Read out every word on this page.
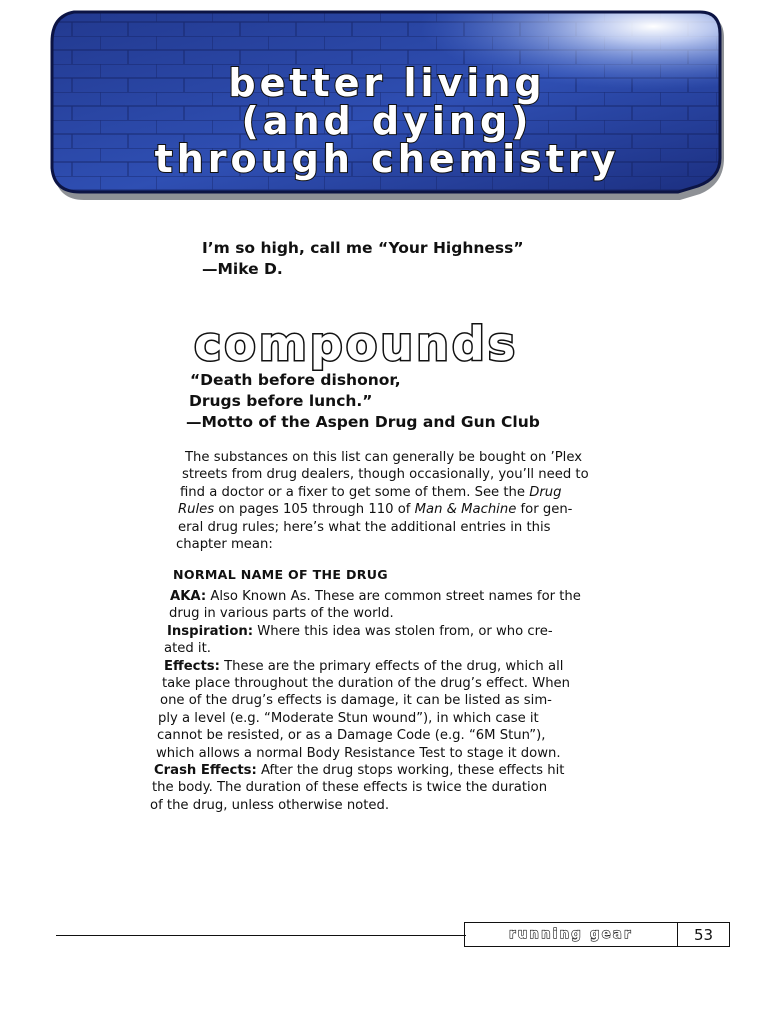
better living
(and dying)
through chemistry
I’m so high, call me “Your Highness”
—Mike D.
compounds
“Death before dishonor,
Drugs before lunch.”
—Motto of the Aspen Drug and Gun Club
The substances on this list can generally be bought on ’Plex
streets from drug dealers, though occasionally, you’ll need to
find a doctor or a fixer to get some of them. See the Drug
Rules on pages 105 through 110 of Man & Machine for gen-
eral drug rules; here’s what the additional entries in this
chapter mean:
NORMAL NAME OF THE DRUG
AKA: Also Known As. These are common street names for the
drug in various parts of the world.
Inspiration: Where this idea was stolen from, or who cre-
ated it.
Effects: These are the primary effects of the drug, which all
take place throughout the duration of the drug’s effect. When
one of the drug’s effects is damage, it can be listed as sim-
ply a level (e.g. “Moderate Stun wound”), in which case it
cannot be resisted, or as a Damage Code (e.g. “6M Stun”),
which allows a normal Body Resistance Test to stage it down.
Crash Effects: After the drug stops working, these effects hit
the body. The duration of these effects is twice the duration
of the drug, unless otherwise noted.
running gear	53
